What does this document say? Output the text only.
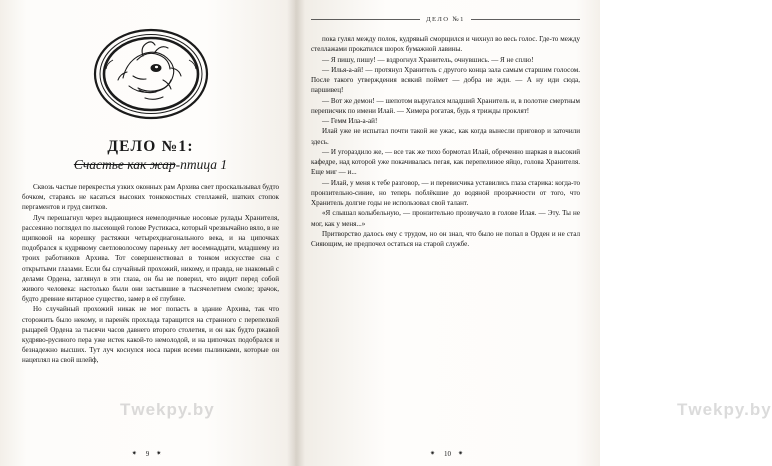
ДЕЛО №1:
Счастье как жар-птица 1

Сквозь частые перекрестья узких оконных рам Архива свет проскальзывал будто бочком, стараясь не касаться высоких тонкокостных стеллажей, шатких стопок пергаментов и груд свитков.

Луч перешагнул через выдающиеся немелодичные носовые рулады Хранителя, рассеянно поглядел по лысеющей голове Рустикаса, который чрезвычайно вяло, в не щипковой на корешку растяжки четырехдиагонального века, и на ципочках подобрался к кудрявому светловолосому пареньку лет восемнадцати, младшему из троих работников Архива. Тот совершенствовал в тонком искусстве сна с открытыми глазами. Если бы случайный прохожий, никому, и правда, не знакомый с делами Ордена, заглянул в эти глаза, он бы не поверил, что видит перед собой живого человека: настолько были они застывшие в тысячелетием смоле; зрачок, будто древние янтарное существо, замер в её глубине.

Но случайный прохожий никак не мог попасть в здание Архива, так что сторожить было некому, и паренёк прохлада таращится на странного с перепелкой рыцарей Ордена за тысячи часов давнего второго столетия, и он как будто ржавой кудряво-русиного пера уже истек какой-то немолодой, и на ципочках подобрался и безнадежно высших. Тут луч коснулся носа парня всеми пылинками, которые он нацеплял на свой шлейф,

Тwekpy.by
✷ 9 ✷
ДЕЛО №1

пока гулял между полок, кудрявый сморщился и чихнул во весь голос. Где-то между стеллажами прокатился шорох бумажной лавины.

— Я пишу, пишу! — вздрогнул Хранитель, очнувшись. — Я не сплю!

— Илья-а-ай! — протянул Хранитель с другого конца зала самым старшим голосом. После такого утверждения всякий поймет — добра не жди. — А ну иди сюда, паршивец!

— Вот же демон! — шепотом выругался младший Хранитель и, в полотне смертным переписчик по имени Илай. — Химера рогатая, будь я трижды проклят!

— Гемм Ила-а-ай!

Илай уже не испытал почти такой же ужас, как когда вынесли приговор и заточили здесь.

— И угораздило же, — все так же тихо бормотал Илай, обреченно шаркая в высокий кафедре, над которой уже покачивалась пегая, как перепелиное яйцо, голова Хранителя. Еще миг — и...

— Илай, у меня к тебе разговор, — и перевисчика уставились глаза старика: когда-то пронзительно-синие, но теперь поблёкшие до водяной прозрачности от того, что Хранитель долгие годы не использовал свой талант.

«Я слышал колыбельную, — пронзительно прозвучало в голове Илая. — Эту. Ты не мог, как у меня...»

Притворство далось ему с трудом, но он знал, что было не попал в Орден и не стал Сияющим, не предпочел остаться на старой службе.

Тwekpy.by
✷ 10 ✷
